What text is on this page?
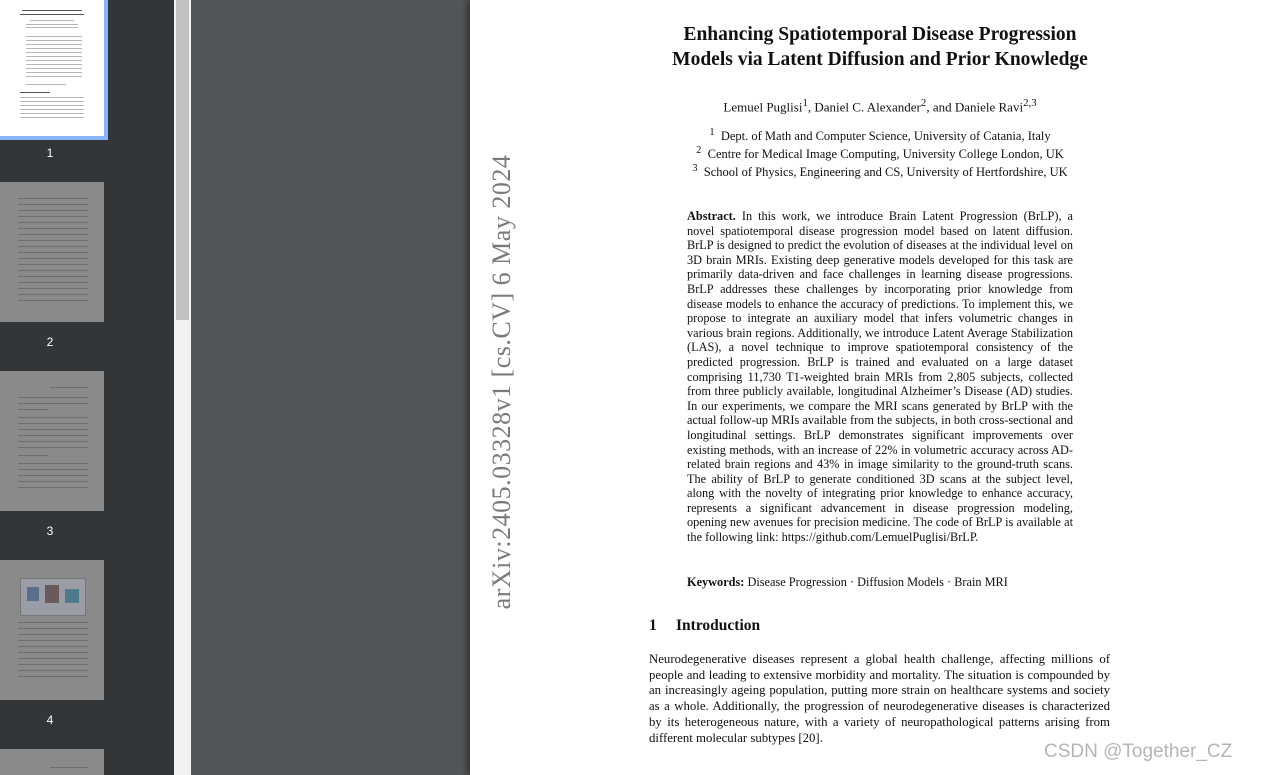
1
2
3
4
arXiv:2405.03328v1 [cs.CV] 6 May 2024
Enhancing Spatiotemporal Disease Progression
Models via Latent Diffusion and Prior Knowledge
Lemuel Puglisi$^1$, Daniel C. Alexander$^2$, and Daniele Ravi$^{2,3}$
$^1$ Dept. of Math and Computer Science, University of Catania, Italy
$^2$ Centre for Medical Image Computing, University College London, UK
$^3$ School of Physics, Engineering and CS, University of Hertfordshire, UK
Abstract. In this work, we introduce Brain Latent Progression (BrLP), a novel spatiotemporal disease progression model based on latent diffusion. BrLP is designed to predict the evolution of diseases at the individual level on 3D brain MRIs. Existing deep generative models developed for this task are primarily data-driven and face challenges in learning disease progressions. BrLP addresses these challenges by incorporating prior knowledge from disease models to enhance the accuracy of predictions. To implement this, we propose to integrate an auxiliary model that infers volumetric changes in various brain regions. Additionally, we introduce Latent Average Stabilization (LAS), a novel technique to improve spatiotemporal consistency of the predicted progression. BrLP is trained and evaluated on a large dataset comprising 11,730 T1-weighted brain MRIs from 2,805 subjects, collected from three publicly available, longitudinal Alzheimer’s Disease (AD) studies. In our experiments, we compare the MRI scans generated by BrLP with the actual follow-up MRIs available from the subjects, in both cross-sectional and longitudinal settings. BrLP demonstrates significant improvements over existing methods, with an increase of 22% in volumetric accuracy across AD-related brain regions and 43% in image similarity to the ground-truth scans. The ability of BrLP to generate conditioned 3D scans at the subject level, along with the novelty of integrating prior knowledge to enhance accuracy, represents a significant advancement in disease progression modeling, opening new avenues for precision medicine. The code of BrLP is available at the following link: https://github.com/LemuelPuglisi/BrLP.
Keywords: Disease Progression · Diffusion Models · Brain MRI
1 Introduction
Neurodegenerative diseases represent a global health challenge, affecting millions of people and leading to extensive morbidity and mortality. The situation is compounded by an increasingly ageing population, putting more strain on healthcare systems and society as a whole. Additionally, the progression of neurodegenerative diseases is characterized by its heterogeneous nature, with a variety of neuropathological patterns arising from different molecular subtypes [20].
CSDN @Together_CZ
